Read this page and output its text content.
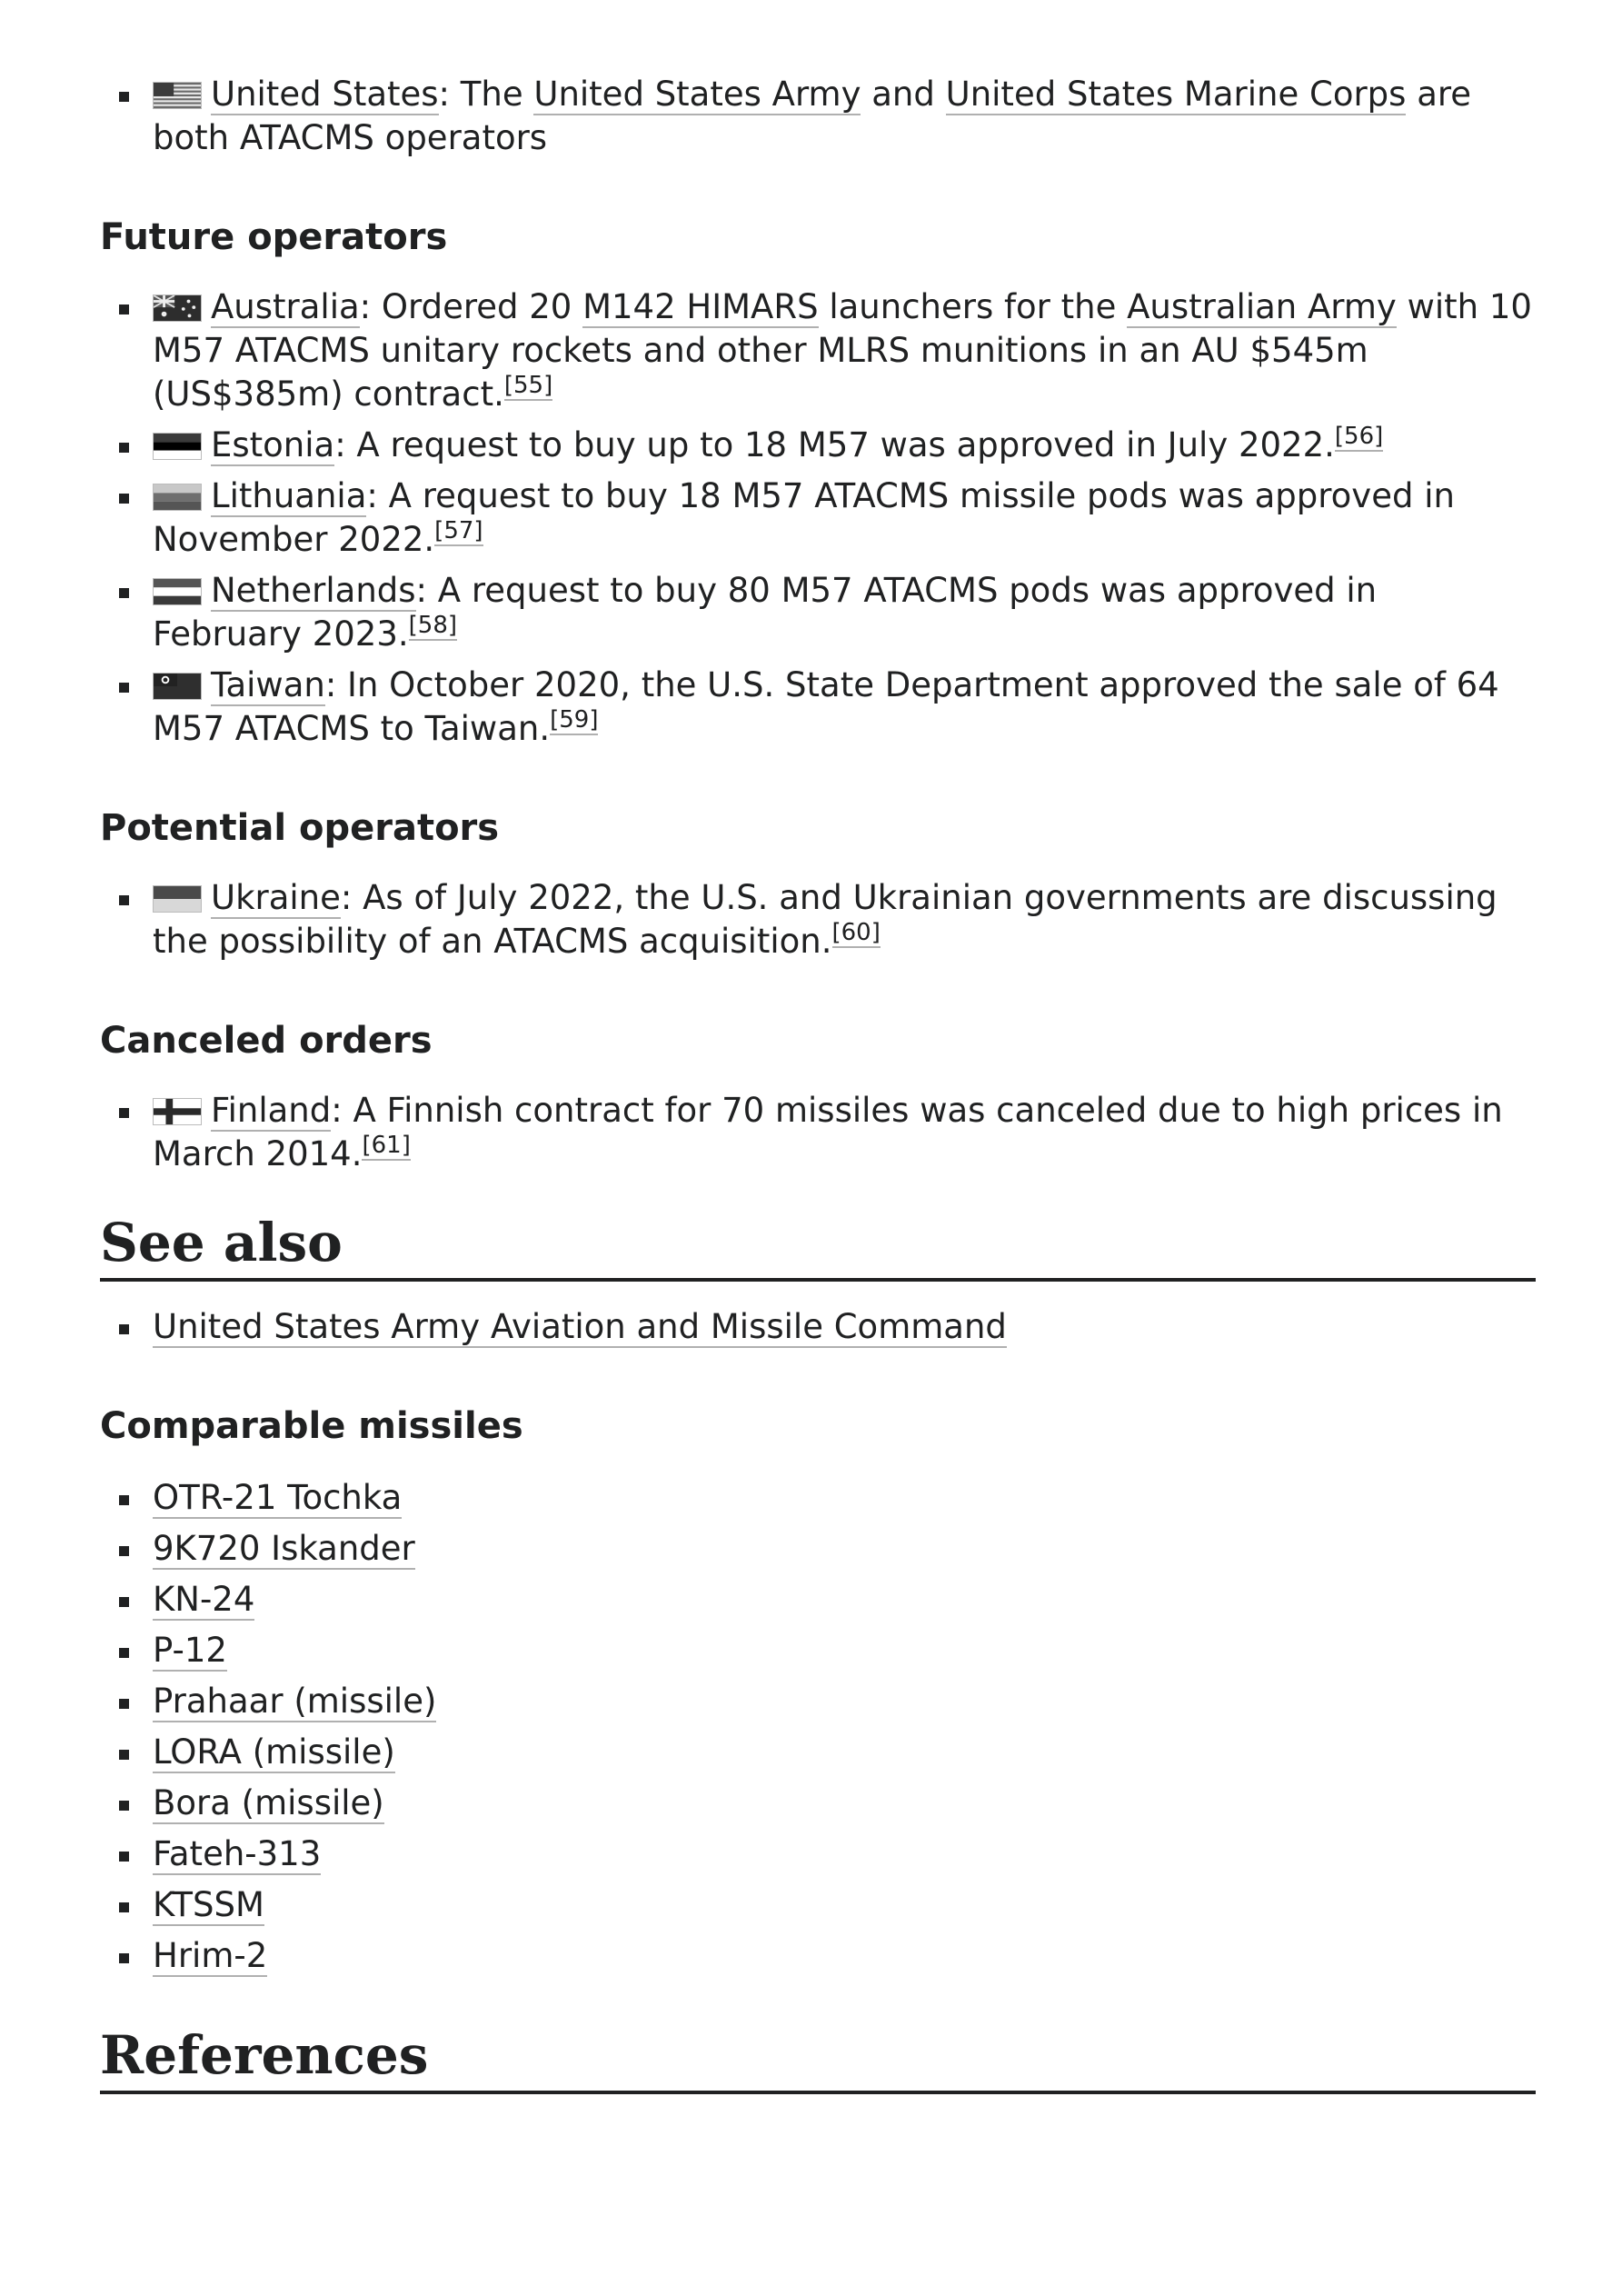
United States: The United States Army and United States Marine Corps are both ATACMS operators
Future operators
Australia: Ordered 20 M142 HIMARS launchers for the Australian Army with 10 M57 ATACMS unitary rockets and other MLRS munitions in an AU $545m (US$385m) contract.[55]
Estonia: A request to buy up to 18 M57 was approved in July 2022.[56]
Lithuania: A request to buy 18 M57 ATACMS missile pods was approved in November 2022.[57]
Netherlands: A request to buy 80 M57 ATACMS pods was approved in February 2023.[58]
Taiwan: In October 2020, the U.S. State Department approved the sale of 64 M57 ATACMS to Taiwan.[59]
Potential operators
Ukraine: As of July 2022, the U.S. and Ukrainian governments are discussing the possibility of an ATACMS acquisition.[60]
Canceled orders
Finland: A Finnish contract for 70 missiles was canceled due to high prices in March 2014.[61]
See also
United States Army Aviation and Missile Command
Comparable missiles
OTR-21 Tochka
9K720 Iskander
KN-24
P-12
Prahaar (missile)
LORA (missile)
Bora (missile)
Fateh-313
KTSSM
Hrim-2
References
